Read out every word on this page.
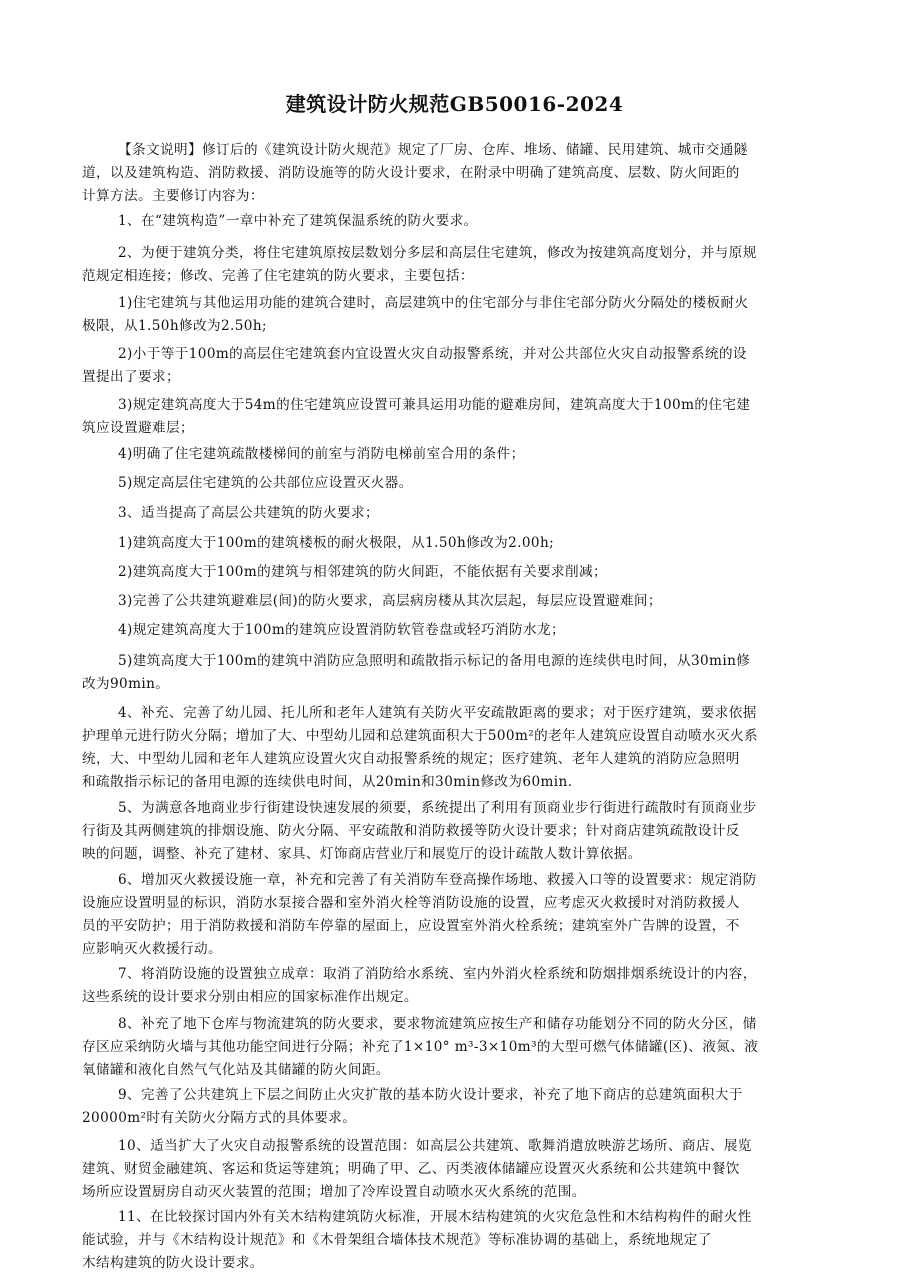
建筑设计防火规范GB50016-2024

【条文说明】修订后的《建筑设计防火规范》规定了厂房、仓库、堆场、储罐、民用建筑、城市交通隧

道，以及建筑构造、消防救援、消防设施等的防火设计要求，在附录中明确了建筑高度、层数、防火间距的

计算方法。主要修订内容为：

1、在“建筑构造”一章中补充了建筑保温系统的防火要求。

2、为便于建筑分类，将住宅建筑原按层数划分多层和高层住宅建筑，修改为按建筑高度划分，并与原规

范规定相连接；修改、完善了住宅建筑的防火要求，主要包括：

1)住宅建筑与其他运用功能的建筑合建时，高层建筑中的住宅部分与非住宅部分防火分隔处的楼板耐火

极限，从1.50h修改为2.50h;

2)小于等于100m的高层住宅建筑套内宜设置火灾自动报警系统，并对公共部位火灾自动报警系统的设

置提出了要求；

3)规定建筑高度大于54m的住宅建筑应设置可兼具运用功能的避难房间，建筑高度大于100m的住宅建

筑应设置避难层；

4)明确了住宅建筑疏散楼梯间的前室与消防电梯前室合用的条件；

5)规定高层住宅建筑的公共部位应设置灭火器。

3、适当提高了高层公共建筑的防火要求；

1)建筑高度大于100m的建筑楼板的耐火极限，从1.50h修改为2.00h;

2)建筑高度大于100m的建筑与相邻建筑的防火间距，不能依据有关要求削减；

3)完善了公共建筑避难层(间)的防火要求，高层病房楼从其次层起，每层应设置避难间；

4)规定建筑高度大于100m的建筑应设置消防软管卷盘或轻巧消防水龙；

5)建筑高度大于100m的建筑中消防应急照明和疏散指示标记的备用电源的连续供电时间，从30min修

改为90min。

4、补充、完善了幼儿园、托儿所和老年人建筑有关防火平安疏散距离的要求；对于医疗建筑，要求依据

护理单元进行防火分隔；增加了大、中型幼儿园和总建筑面积大于500m²的老年人建筑应设置自动喷水灭火系

统，大、中型幼儿园和老年人建筑应设置火灾自动报警系统的规定；医疗建筑、老年人建筑的消防应急照明

和疏散指示标记的备用电源的连续供电时间，从20min和30min修改为60min.

5、为满意各地商业步行街建设快速发展的须要，系统提出了利用有顶商业步行街进行疏散时有顶商业步

行街及其两侧建筑的排烟设施、防火分隔、平安疏散和消防救援等防火设计要求；针对商店建筑疏散设计反

映的问题，调整、补充了建材、家具、灯饰商店营业厅和展览厅的设计疏散人数计算依据。

6、增加灭火救援设施一章，补充和完善了有关消防车登高操作场地、救援入口等的设置要求：规定消防

设施应设置明显的标识，消防水泵接合器和室外消火栓等消防设施的设置，应考虑灭火救援时对消防救援人

员的平安防护；用于消防救援和消防车停靠的屋面上，应设置室外消火栓系统；建筑室外广告牌的设置，不

应影响灭火救援行动。

7、将消防设施的设置独立成章：取消了消防给水系统、室内外消火栓系统和防烟排烟系统设计的内容，

这些系统的设计要求分别由相应的国家标准作出规定。

8、补充了地下仓库与物流建筑的防火要求，要求物流建筑应按生产和储存功能划分不同的防火分区，储

存区应采纳防火墙与其他功能空间进行分隔；补充了1×10° m³-3×10m³的大型可燃气体储罐(区)、液氮、液

氧储罐和液化自然气气化站及其储罐的防火间距。

9、完善了公共建筑上下层之间防止火灾扩散的基本防火设计要求，补充了地下商店的总建筑面积大于

20000m²时有关防火分隔方式的具体要求。

10、适当扩大了火灾自动报警系统的设置范围：如高层公共建筑、歌舞消遣放映游艺场所、商店、展览

建筑、财贸金融建筑、客运和货运等建筑；明确了甲、乙、丙类液体储罐应设置灭火系统和公共建筑中餐饮

场所应设置厨房自动灭火装置的范围；增加了冷库设置自动喷水灭火系统的范围。

11、在比较探讨国内外有关木结构建筑防火标准，开展木结构建筑的火灾危急性和木结构构件的耐火性

能试验，并与《木结构设计规范》和《木骨架组合墙体技术规范》等标准协调的基础上，系统地规定了

木结构建筑的防火设计要求。
